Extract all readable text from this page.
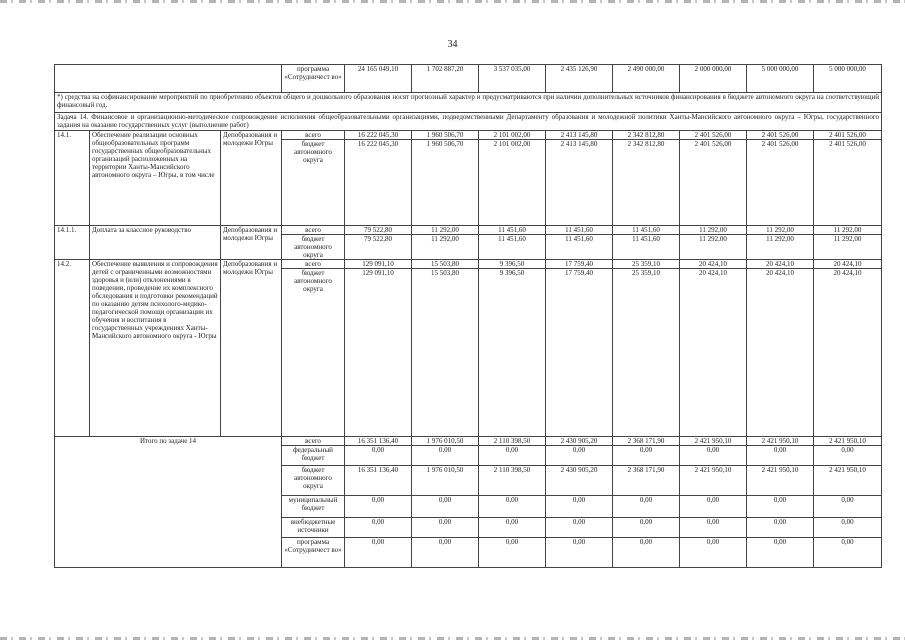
34
			программа «Сотрудничест во»	24 165 049,10	1 702 887,20	3 537 035,00	2 435 126,90	2 490 000,00	2 000 000,00	5 000 000,00	5 000 000,00
*) средства на софинансирование мероприятий по приобретению объектов общего и дошкольного образования носят прогнозный характер и предусматриваются при наличии дополнительных источников финансирования в бюджете автономного округа на соответствующий финансовый год.											
Задача 14. Финансовое и организационно-методическое сопровождение исполнения общеобразовательными организациями, подведомственными Департаменту образования и молодежной политики Ханты-Мансийского автономного округа – Югры, государственного задания на оказание государственных услуг (выполнение работ)											
14.1.	Обеспечение реализации основных общеобразовательных программ государственных общеобразовательных организаций расположенных на территории Ханты-Мансийского автономного округа – Югры, в том числе	Депобразования и молодежи Югры	всего	16 222 045,30	1 960 506,70	2 101 002,00	2 413 145,80	2 342 812,80	2 401 526,00	2 401 526,00	2 401 526,00
			бюджет автономного округа	16 222 045,30	1 960 506,70	2 101 002,00	2 413 145,80	2 342 812,80	2 401 526,00	2 401 526,00	2 401 526,00
14.1.1.	Доплата за классное руководство	Депобразования и молодежи Югры	всего	79 522,80	11 292,00	11 451,60	11 451,60	11 451,60	11 292,00	11 292,00	11 292,00
			бюджет автономного округа	79 522,80	11 292,00	11 451,60	11 451,60	11 451,60	11 292,00	11 292,00	11 292,00
14.2.	Обеспечение выявления и сопровождения детей с ограниченными возможностями здоровья и (или) отклонениями в поведении, проведение их комплексного обследования и подготовки рекомендаций по оказанию детям психолого-медико-педагогической помощи организации их обучения и воспитания в государственных учреждениях Ханты-Мансийского автономного округа - Югры	Депобразования и молодежи Югры	всего	129 091,10	15 503,80	9 396,50	17 759,40	25 359,10	20 424,10	20 424,10	20 424,10
			бюджет автономного округа	129 091,10	15 503,80	9 396,50	17 759,40	25 359,10	20 424,10	20 424,10	20 424,10
Итого по задаче 14			всего	16 351 136,40	1 976 010,50	2 110 398,50	2 430 905,20	2 368 171,90	2 421 950,10	2 421 950,10	2 421 950,10
			федеральный бюджет	0,00	0,00	0,00	0,00	0,00	0,00	0,00	0,00
			бюджет автономного округа	16 351 136,40	1 976 010,50	2 110 398,50	2 430 905,20	2 368 171,90	2 421 950,10	2 421 950,10	2 421 950,10
			муниципальный бюджет	0,00	0,00	0,00	0,00	0,00	0,00	0,00	0,00
			внебюджетные источники	0,00	0,00	0,00	0,00	0,00	0,00	0,00	0,00
			программа «Сотрудничест во»	0,00	0,00	0,00	0,00	0,00	0,00	0,00	0,00
